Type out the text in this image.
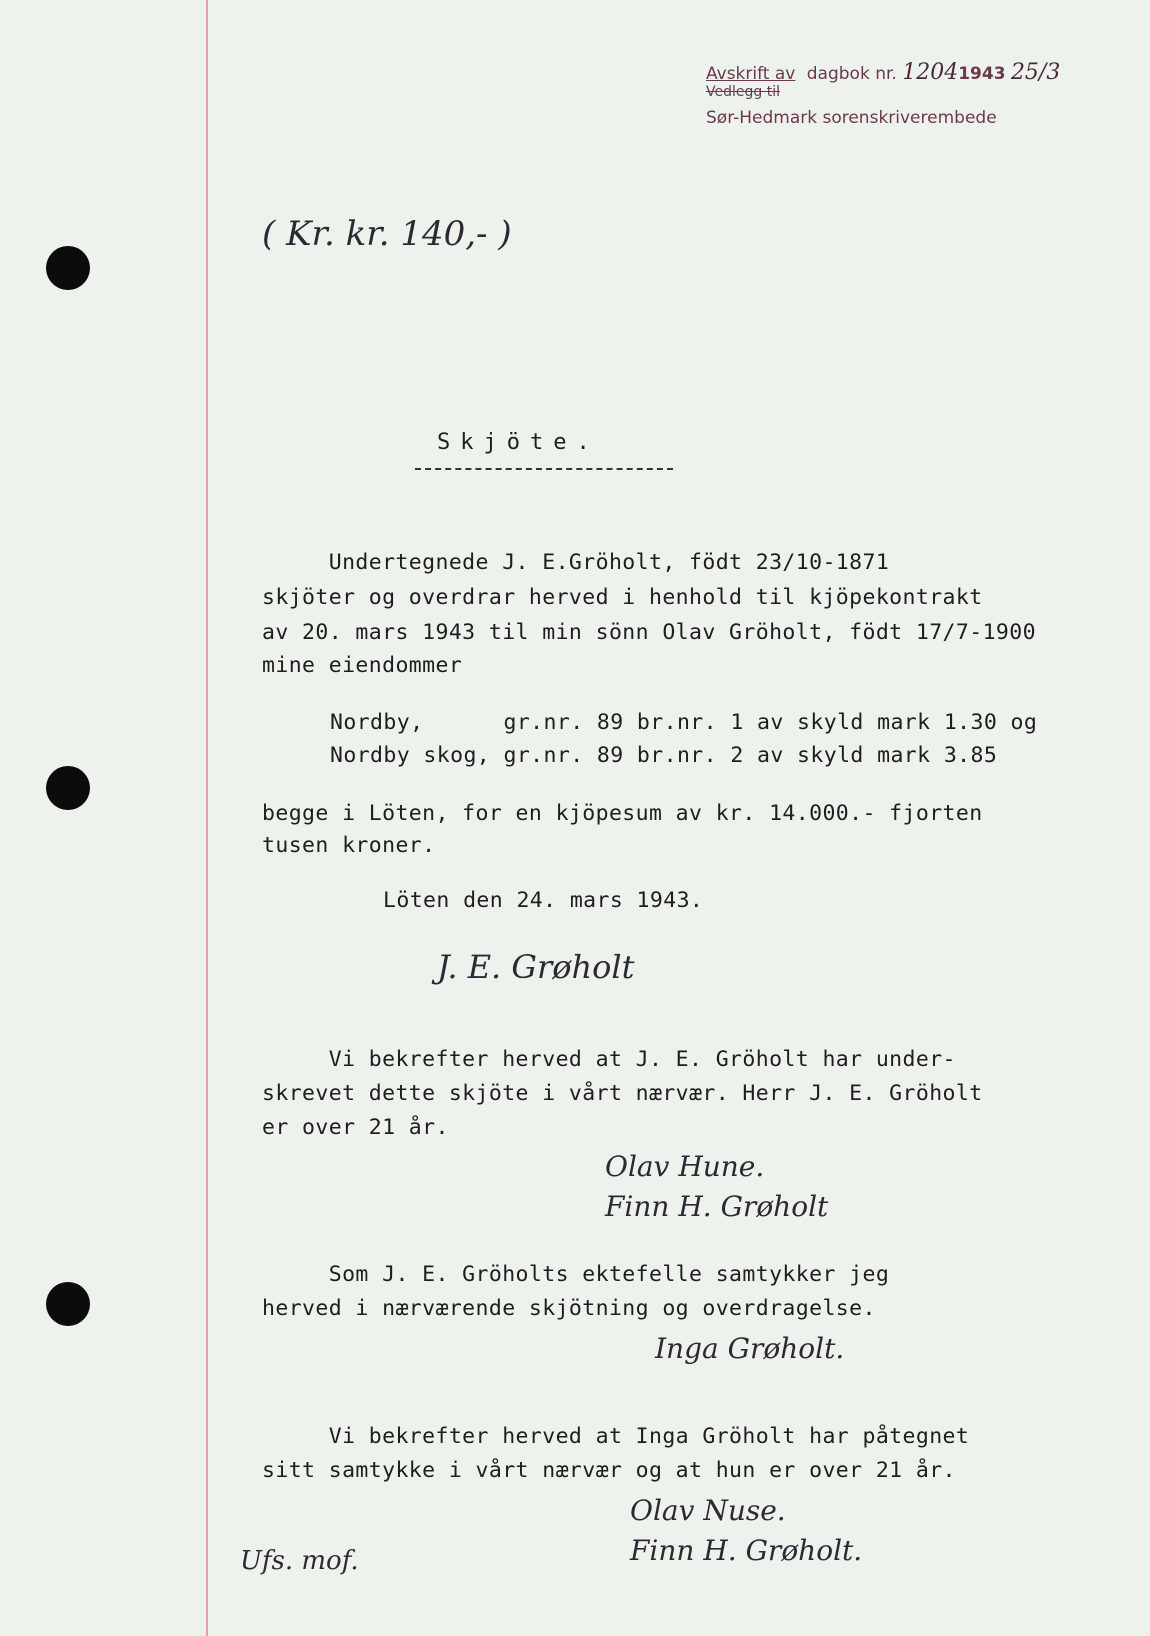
Avskrift av dagbok nr. 12041943 25/3
Vedlegg til
Sør-Hedmark sorenskriverembede
( Kr. kr. 140,- )
Skjöte.
Undertegnede J. E.Gröholt, födt 23/10-1871
skjöter og overdrar herved i henhold til kjöpekontrakt
av 20. mars 1943 til min sönn Olav Gröholt, födt 17/7-1900
mine eiendommer
Nordby,      gr.nr. 89 br.nr. 1 av skyld mark 1.30 og
Nordby skog, gr.nr. 89 br.nr. 2 av skyld mark 3.85
begge i Löten, for en kjöpesum av kr. 14.000.- fjorten
tusen kroner.
Löten den 24. mars 1943.
J. E. Grøholt
Vi bekrefter herved at J. E. Gröholt har under-
skrevet dette skjöte i vårt nærvær. Herr J. E. Gröholt
er over 21 år.
Olav Hune.
Finn H. Grøholt
Som J. E. Gröholts ektefelle samtykker jeg
herved i nærværende skjötning og overdragelse.
Inga Grøholt.
Vi bekrefter herved at Inga Gröholt har påtegnet
sitt samtykke i vårt nærvær og at hun er over 21 år.
Olav Nuse.
Finn H. Grøholt.
Ufs. mof.
